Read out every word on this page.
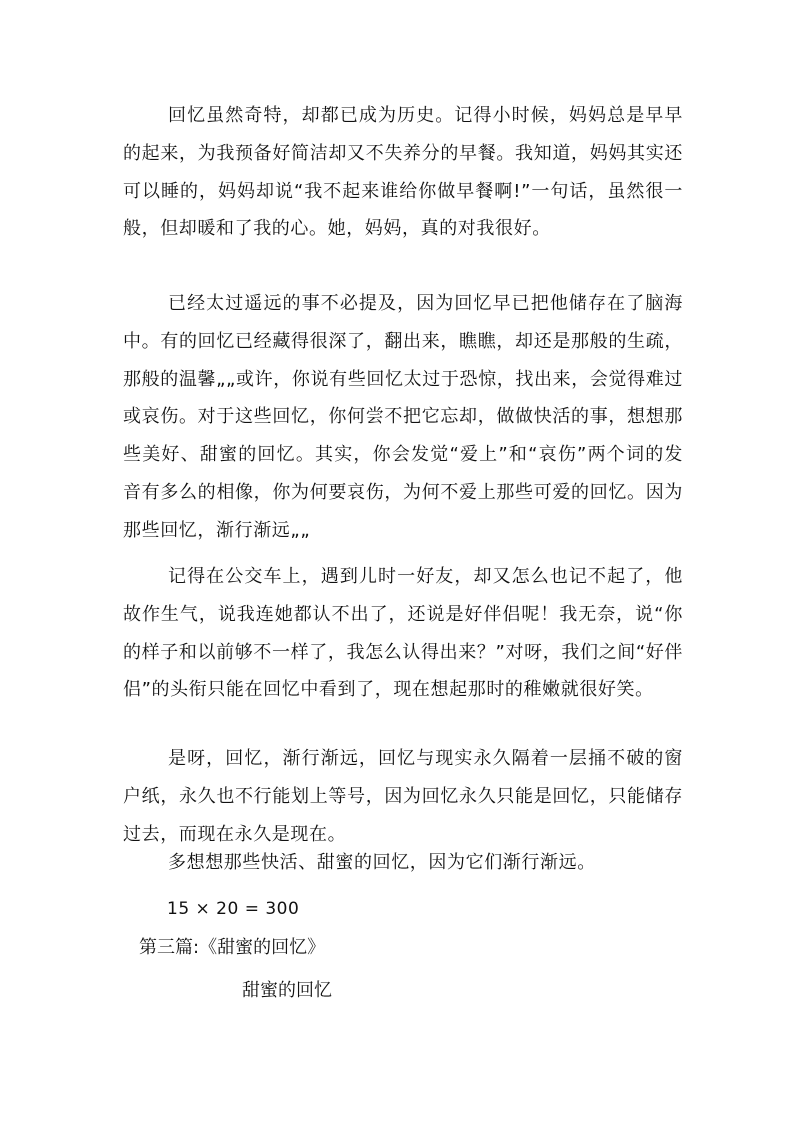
回忆虽然奇特，却都已成为历史。记得小时候，妈妈总是早早的起来，为我预备好简洁却又不失养分的早餐。我知道，妈妈其实还可以睡的，妈妈却说“我不起来谁给你做早餐啊!”一句话，虽然很一般，但却暖和了我的心。她，妈妈，真的对我很好。

已经太过遥远的事不必提及，因为回忆早已把他储存在了脑海中。有的回忆已经藏得很深了，翻出来，瞧瞧，却还是那般的生疏，那般的温馨„„或许，你说有些回忆太过于恐惊，找出来，会觉得难过或哀伤。对于这些回忆，你何尝不把它忘却，做做快活的事，想想那些美好、甜蜜的回忆。其实，你会发觉“爱上”和“哀伤”两个词的发音有多么的相像，你为何要哀伤，为何不爱上那些可爱的回忆。因为那些回忆，渐行渐远„„

记得在公交车上，遇到儿时一好友，却又怎么也记不起了，他故作生气，说我连她都认不出了，还说是好伴侣呢！我无奈，说“你的样子和以前够不一样了，我怎么认得出来？”对呀，我们之间“好伴侣”的头衔只能在回忆中看到了，现在想起那时的稚嫩就很好笑。

是呀，回忆，渐行渐远，回忆与现实永久隔着一层捅不破的窗户纸，永久也不行能划上等号，因为回忆永久只能是回忆，只能储存过去，而现在永久是现在。

多想想那些快活、甜蜜的回忆，因为它们渐行渐远。

15 × 20 = 300

第三篇:《甜蜜的回忆》

甜蜜的回忆
